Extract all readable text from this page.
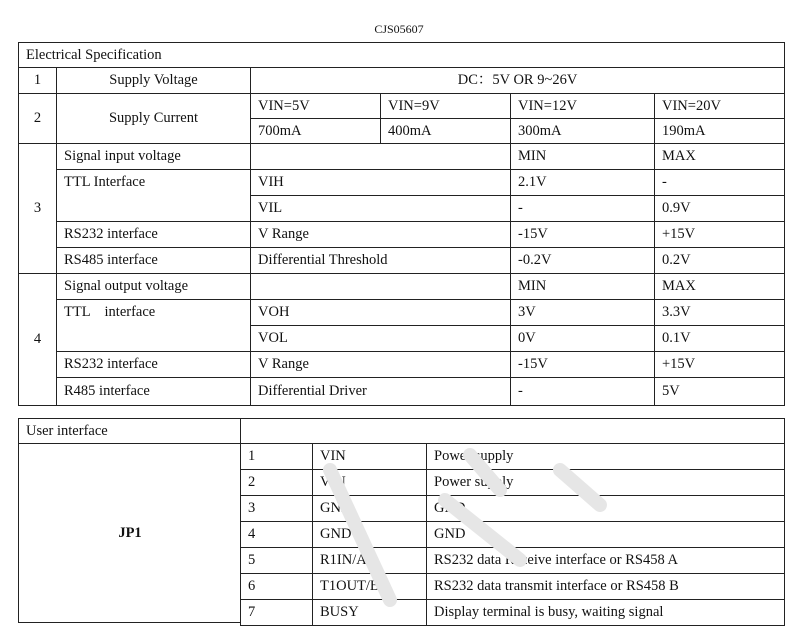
CJS05607
Electrical Specification					
1	Supply Voltage	DC：5V OR 9~26V			
2	Supply Current	VIN=5V	VIN=9V	VIN=12V	VIN=20V
		700mA	400mA	300mA	190mA
3	Signal input voltage			MIN	MAX
	TTL Interface	VIH		2.1V	-
		VIL		-	0.9V
	RS232 interface	V Range		-15V	+15V
	RS485 interface	Differential Threshold		-0.2V	0.2V
4	Signal output voltage			MIN	MAX
	TTL    interface	VOH		3V	3.3V
		VOL		0V	0.1V
	RS232 interface	V Range		-15V	+15V
	R485 interface	Differential Driver		-	5V
User interface	
JP1
1	VIN	Power supply
2	VIN	Power supply
3	GND	GND
4	GND	GND
5	R1IN/A	RS232 data Receive interface or RS458 A
6	T1OUT/B	RS232 data transmit interface or RS458 B
7	BUSY	Display terminal is busy, waiting signal
